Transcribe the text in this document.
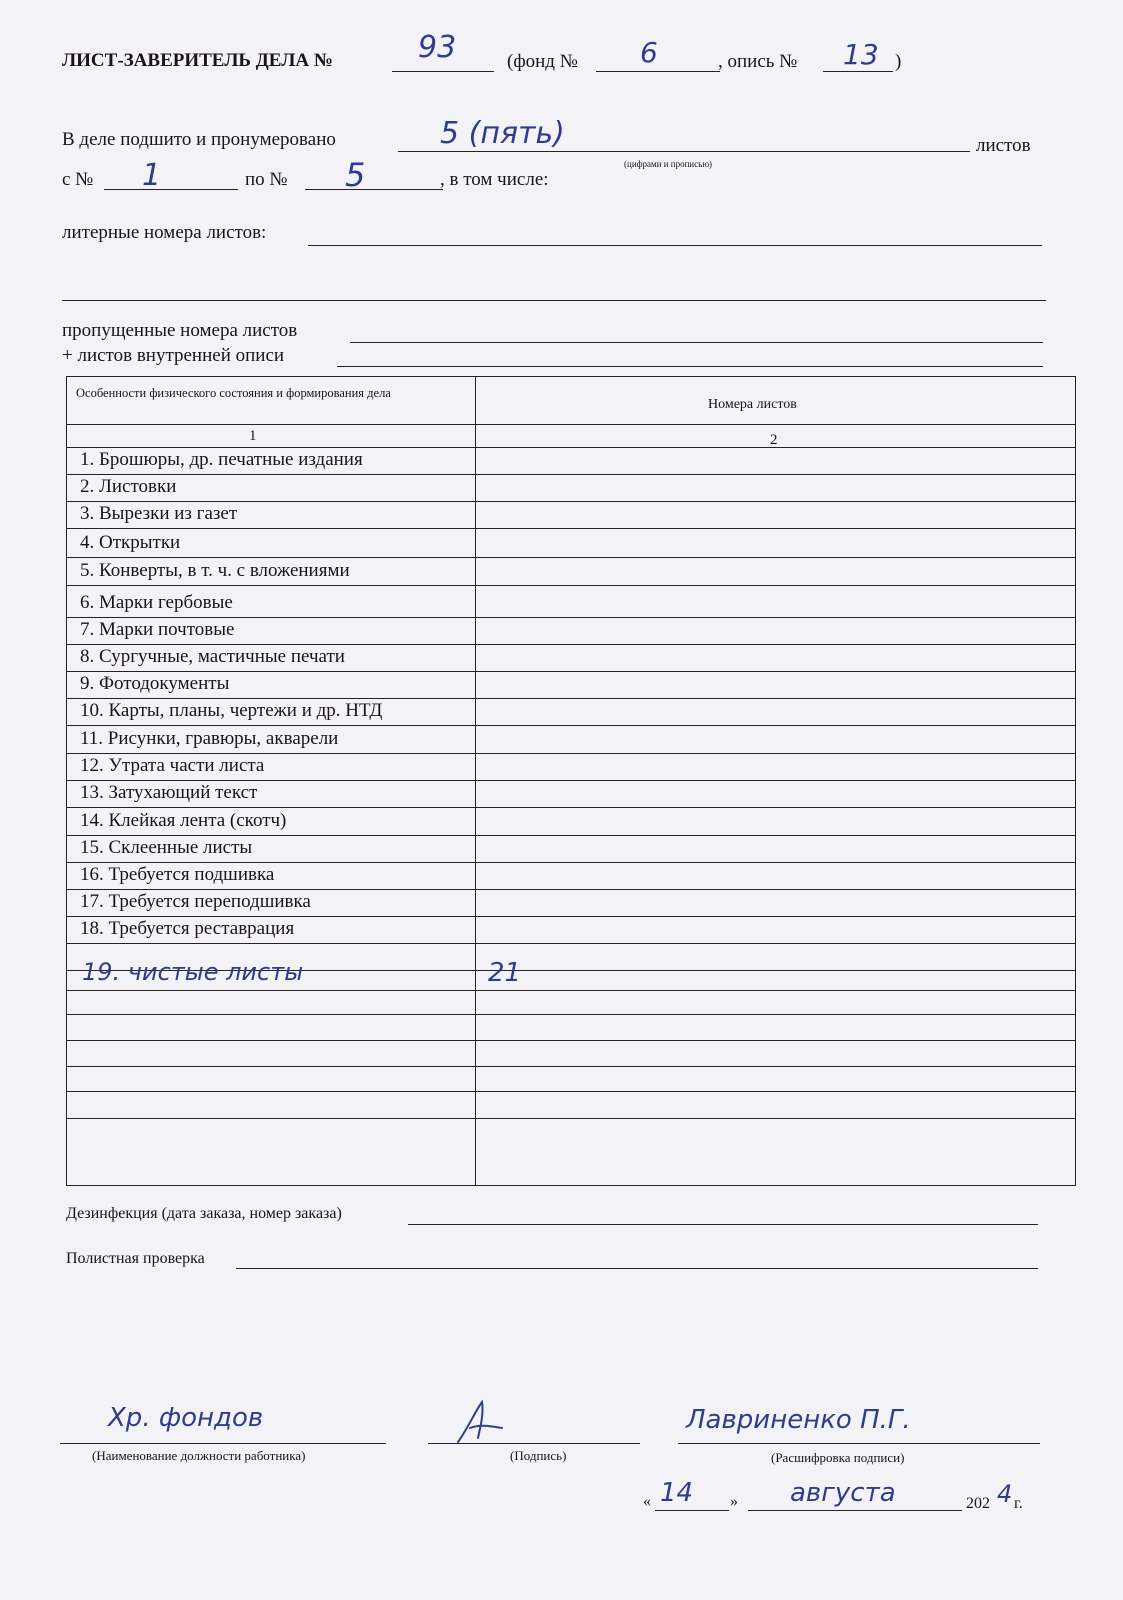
ЛИСТ-ЗАВЕРИТЕЛЬ ДЕЛА №	93	(фонд № 6	, опись № 13 )
В деле подшито и пронумеровано	5 (пять)	листов
(цифрами и прописью)
с № 1	по № 5	, в том числе:
литерные номера листов:
пропущенные номера листов
+ листов внутренней описи
Особенности физического состояния и формирования дела
Номера листов
1	2
1. Брошюры, др. печатные издания
2. Листовки
3. Вырезки из газет
4. Открытки
5. Конверты, в т. ч. с вложениями
6. Марки гербовые
7. Марки почтовые
8. Сургучные, мастичные печати
9. Фотодокументы
10. Карты, планы, чертежи и др. НТД
11. Рисунки, гравюры, акварели
12. Утрата части листа
13. Затухающий текст
14. Клейкая лента (скотч)
15. Склеенные листы
16. Требуется подшивка
17. Требуется переподшивка
18. Требуется реставрация
19. чистые листы	21
Дезинфекция (дата заказа, номер заказа)
Полистная проверка
Хр. фондов
(Наименование должности работника)	(Подпись)
Лавриненко П.Г.
(Расшифровка подписи)
« 14 » августа	202 4 г.
